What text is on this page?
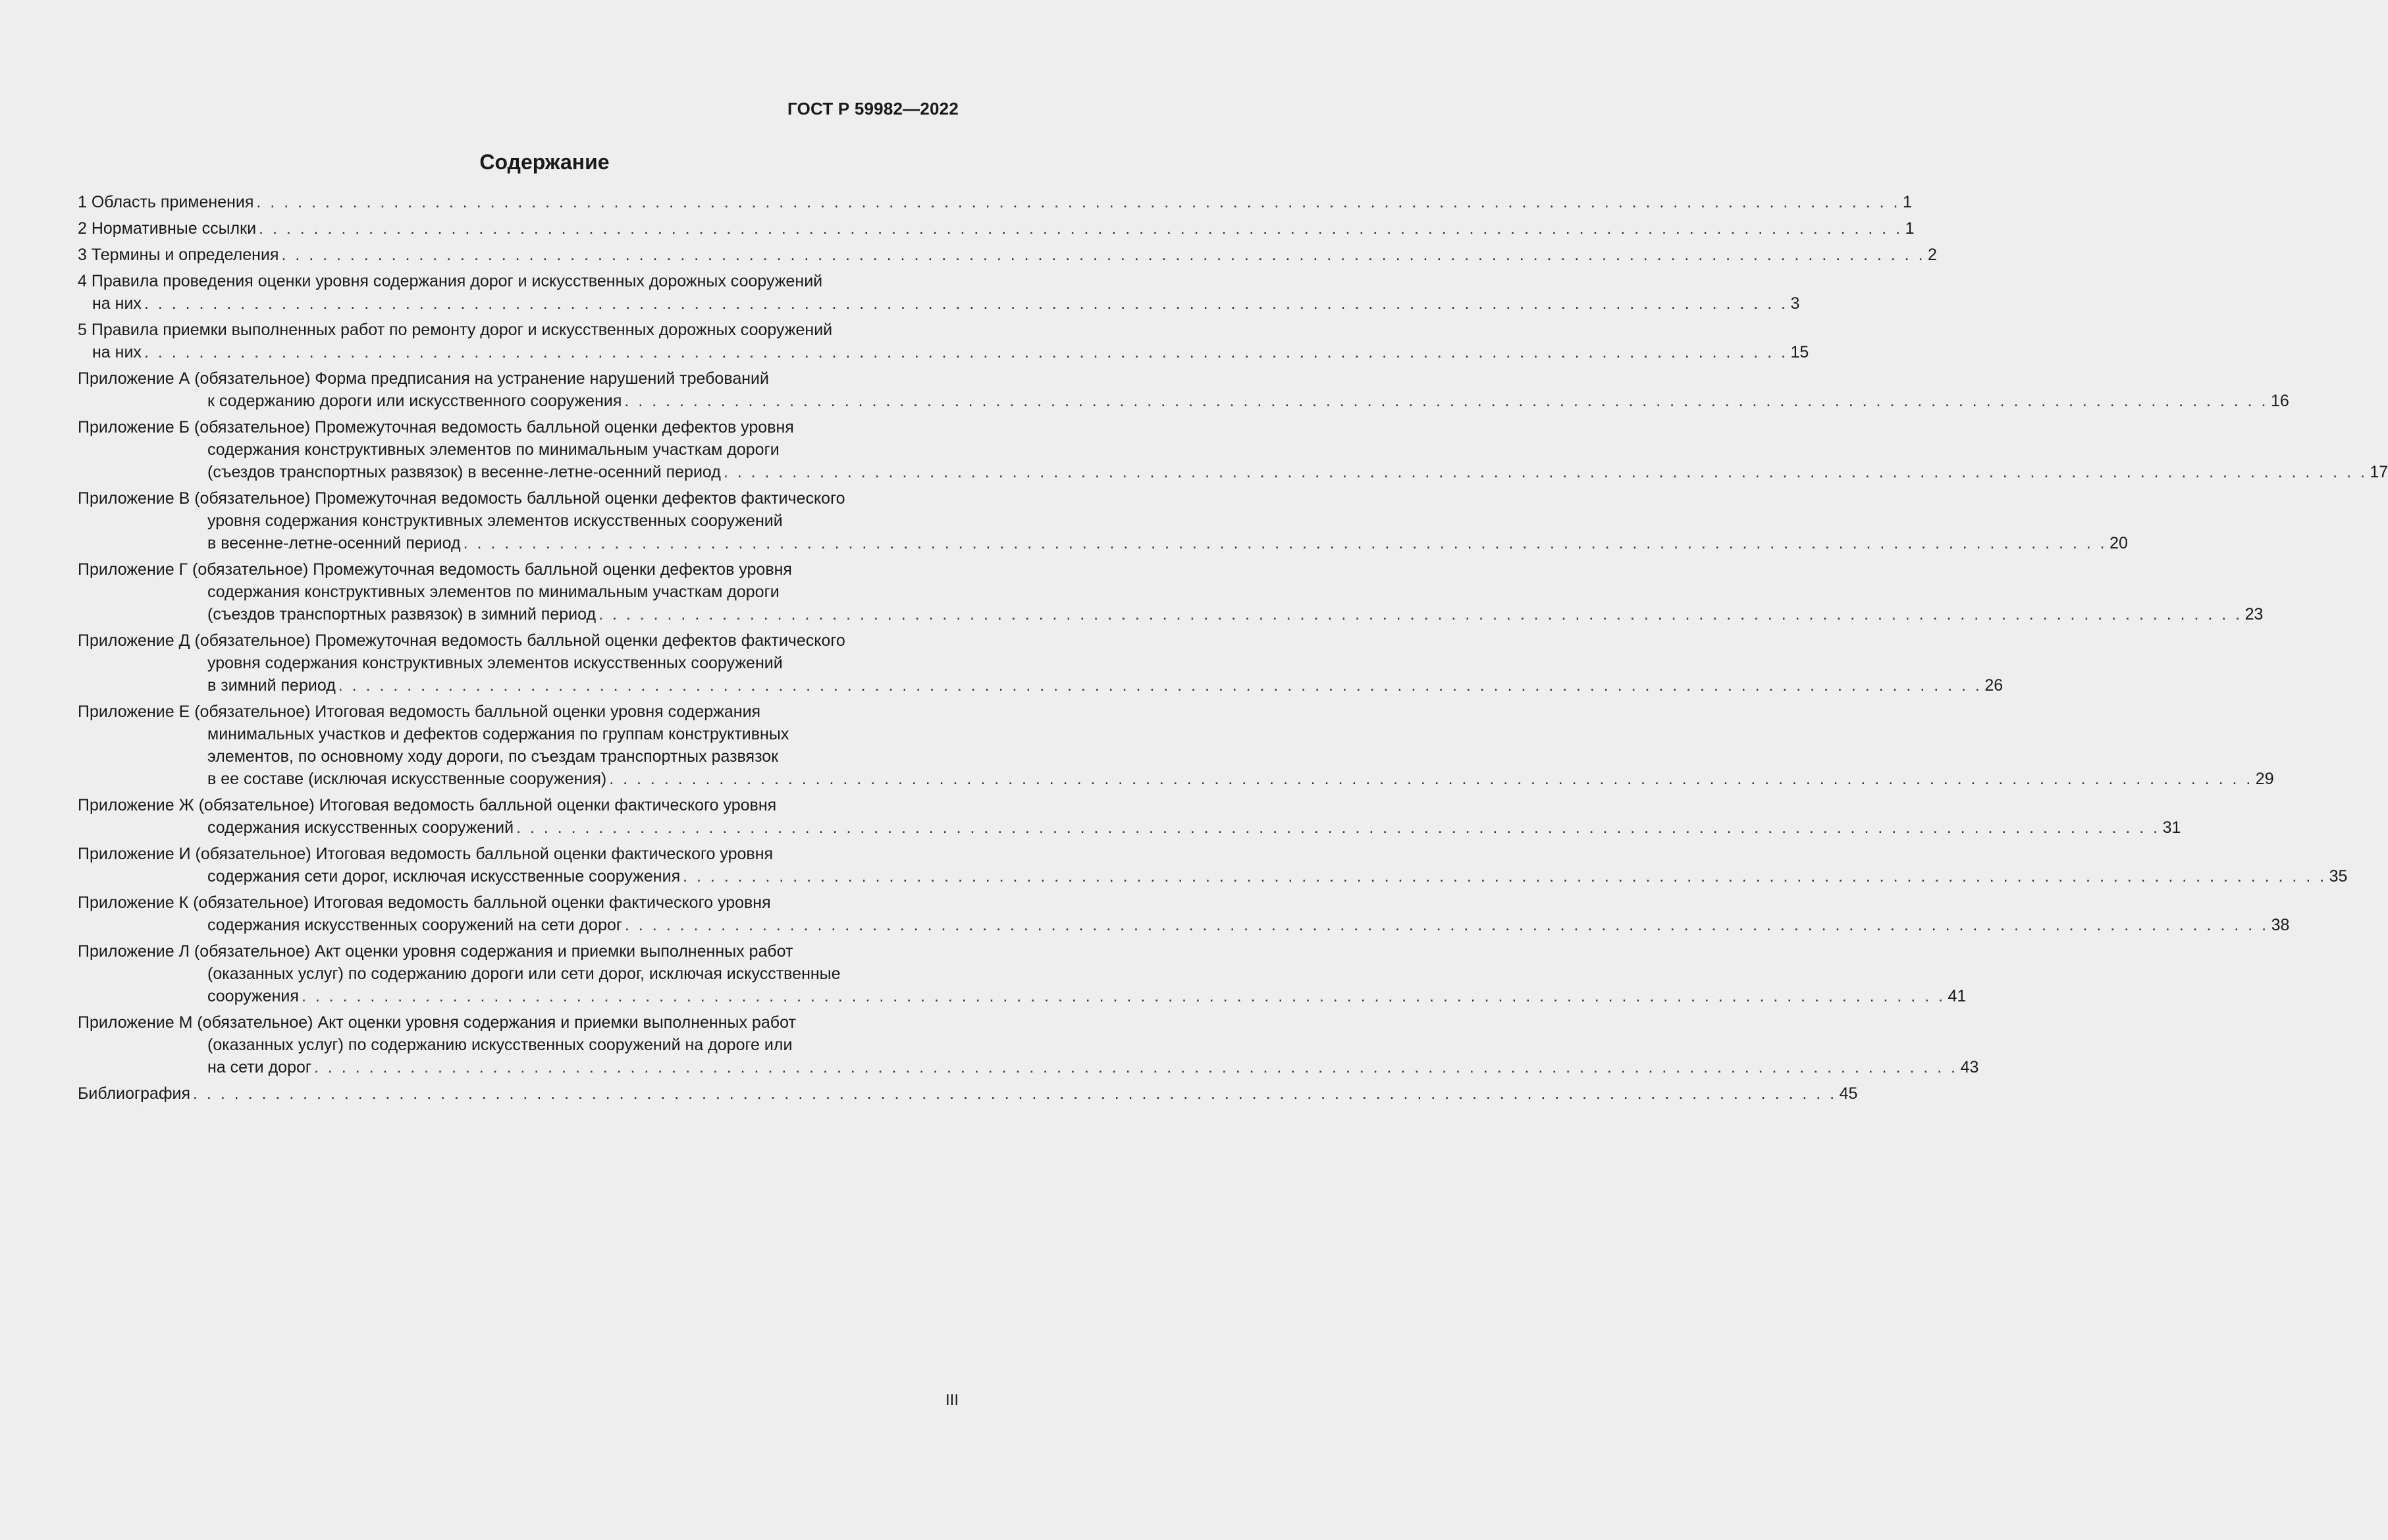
ГОСТ Р 59982—2022
Содержание
1 Область применения . . . . . . . . . . . . . . . . . . . . . . . . . . . . . . . . . . . . . . . . . . . . . . . . . . . . . . . . . . . . . . . . . . . . . . . . . . . . . . . . . . . . . . . . . . . . . . . . . . . . . . . . . . . . . . . . . . . . . . . . 1
2 Нормативные ссылки . . . . . . . . . . . . . . . . . . . . . . . . . . . . . . . . . . . . . . . . . . . . . . . . . . . . . . . . . . . . . . . . . . . . . . . . . . . . . . . . . . . . . . . . . . . . . . . . . . . . . . . . . . . . . . . . . . . . . . . . 1
3 Термины и определения . . . . . . . . . . . . . . . . . . . . . . . . . . . . . . . . . . . . . . . . . . . . . . . . . . . . . . . . . . . . . . . . . . . . . . . . . . . . . . . . . . . . . . . . . . . . . . . . . . . . . . . . . . . . . . . . . . . . . . . . 2
4 Правила проведения оценки уровня содержания дорог и искусственных дорожных сооружений
на них . . . . . . . . . . . . . . . . . . . . . . . . . . . . . . . . . . . . . . . . . . . . . . . . . . . . . . . . . . . . . . . . . . . . . . . . . . . . . . . . . . . . . . . . . . . . . . . . . . . . . . . . . . . . . . . . . . . . . . . . 3
5 Правила приемки выполненных работ по ремонту дорог и искусственных дорожных сооружений
на них . . . . . . . . . . . . . . . . . . . . . . . . . . . . . . . . . . . . . . . . . . . . . . . . . . . . . . . . . . . . . . . . . . . . . . . . . . . . . . . . . . . . . . . . . . . . . . . . . . . . . . . . . . . . . . . . . . . . . . . . 15
Приложение А (обязательное) Форма предписания на устранение нарушений требований
к содержанию дороги или искусственного сооружения . . . . . . . . . . . . . . . . . . . . . . . . . . . . . . . . . . . . . . . . . . . . . . . . . . . . . . . . . . . . . . . . . . . . . . . . . . . . . . . . . . . . . . . . . . . . . . . . . . . . . . . . . . . . . . . . . . . . . . . . 16
Приложение Б (обязательное) Промежуточная ведомость балльной оценки дефектов уровня
содержания конструктивных элементов по минимальным участкам дороги
(съездов транспортных развязок) в весенне-летне-осенний период . . . . . . . . . . . . . . . . . . . . . . . . . . . . . . . . . . . . . . . . . . . . . . . . . . . . . . . . . . . . . . . . . . . . . . . . . . . . . . . . . . . . . . . . . . . . . . . . . . . . . . . . . . . . . . . . . . . . . . . . 17
Приложение В (обязательное) Промежуточная ведомость балльной оценки дефектов фактического
уровня содержания конструктивных элементов искусственных сооружений
в весенне-летне-осенний период . . . . . . . . . . . . . . . . . . . . . . . . . . . . . . . . . . . . . . . . . . . . . . . . . . . . . . . . . . . . . . . . . . . . . . . . . . . . . . . . . . . . . . . . . . . . . . . . . . . . . . . . . . . . . . . . . . . . . . . . 20
Приложение Г (обязательное) Промежуточная ведомость балльной оценки дефектов уровня
содержания конструктивных элементов по минимальным участкам дороги
(съездов транспортных развязок) в зимний период . . . . . . . . . . . . . . . . . . . . . . . . . . . . . . . . . . . . . . . . . . . . . . . . . . . . . . . . . . . . . . . . . . . . . . . . . . . . . . . . . . . . . . . . . . . . . . . . . . . . . . . . . . . . . . . . . . . . . . . . 23
Приложение Д (обязательное) Промежуточная ведомость балльной оценки дефектов фактического
уровня содержания конструктивных элементов искусственных сооружений
в зимний период . . . . . . . . . . . . . . . . . . . . . . . . . . . . . . . . . . . . . . . . . . . . . . . . . . . . . . . . . . . . . . . . . . . . . . . . . . . . . . . . . . . . . . . . . . . . . . . . . . . . . . . . . . . . . . . . . . . . . . . . 26
Приложение Е (обязательное) Итоговая ведомость балльной оценки уровня содержания
минимальных участков и дефектов содержания по группам конструктивных
элементов, по основному ходу дороги, по съездам транспортных развязок
в ее составе (исключая искусственные сооружения) . . . . . . . . . . . . . . . . . . . . . . . . . . . . . . . . . . . . . . . . . . . . . . . . . . . . . . . . . . . . . . . . . . . . . . . . . . . . . . . . . . . . . . . . . . . . . . . . . . . . . . . . . . . . . . . . . . . . . . . . 29
Приложение Ж (обязательное) Итоговая ведомость балльной оценки фактического уровня
содержания искусственных сооружений . . . . . . . . . . . . . . . . . . . . . . . . . . . . . . . . . . . . . . . . . . . . . . . . . . . . . . . . . . . . . . . . . . . . . . . . . . . . . . . . . . . . . . . . . . . . . . . . . . . . . . . . . . . . . . . . . . . . . . . . 31
Приложение И (обязательное) Итоговая ведомость балльной оценки фактического уровня
содержания сети дорог, исключая искусственные сооружения . . . . . . . . . . . . . . . . . . . . . . . . . . . . . . . . . . . . . . . . . . . . . . . . . . . . . . . . . . . . . . . . . . . . . . . . . . . . . . . . . . . . . . . . . . . . . . . . . . . . . . . . . . . . . . . . . . . . . . . . 35
Приложение К (обязательное) Итоговая ведомость балльной оценки фактического уровня
содержания искусственных сооружений на сети дорог . . . . . . . . . . . . . . . . . . . . . . . . . . . . . . . . . . . . . . . . . . . . . . . . . . . . . . . . . . . . . . . . . . . . . . . . . . . . . . . . . . . . . . . . . . . . . . . . . . . . . . . . . . . . . . . . . . . . . . . . 38
Приложение Л (обязательное) Акт оценки уровня содержания и приемки выполненных работ
(оказанных услуг) по содержанию дороги или сети дорог, исключая искусственные
сооружения . . . . . . . . . . . . . . . . . . . . . . . . . . . . . . . . . . . . . . . . . . . . . . . . . . . . . . . . . . . . . . . . . . . . . . . . . . . . . . . . . . . . . . . . . . . . . . . . . . . . . . . . . . . . . . . . . . . . . . . . 41
Приложение М (обязательное) Акт оценки уровня содержания и приемки выполненных работ
(оказанных услуг) по содержанию искусственных сооружений на дороге или
на сети дорог . . . . . . . . . . . . . . . . . . . . . . . . . . . . . . . . . . . . . . . . . . . . . . . . . . . . . . . . . . . . . . . . . . . . . . . . . . . . . . . . . . . . . . . . . . . . . . . . . . . . . . . . . . . . . . . . . . . . . . . . 43
Библиография . . . . . . . . . . . . . . . . . . . . . . . . . . . . . . . . . . . . . . . . . . . . . . . . . . . . . . . . . . . . . . . . . . . . . . . . . . . . . . . . . . . . . . . . . . . . . . . . . . . . . . . . . . . . . . . . . . . . . . . . 45
III
